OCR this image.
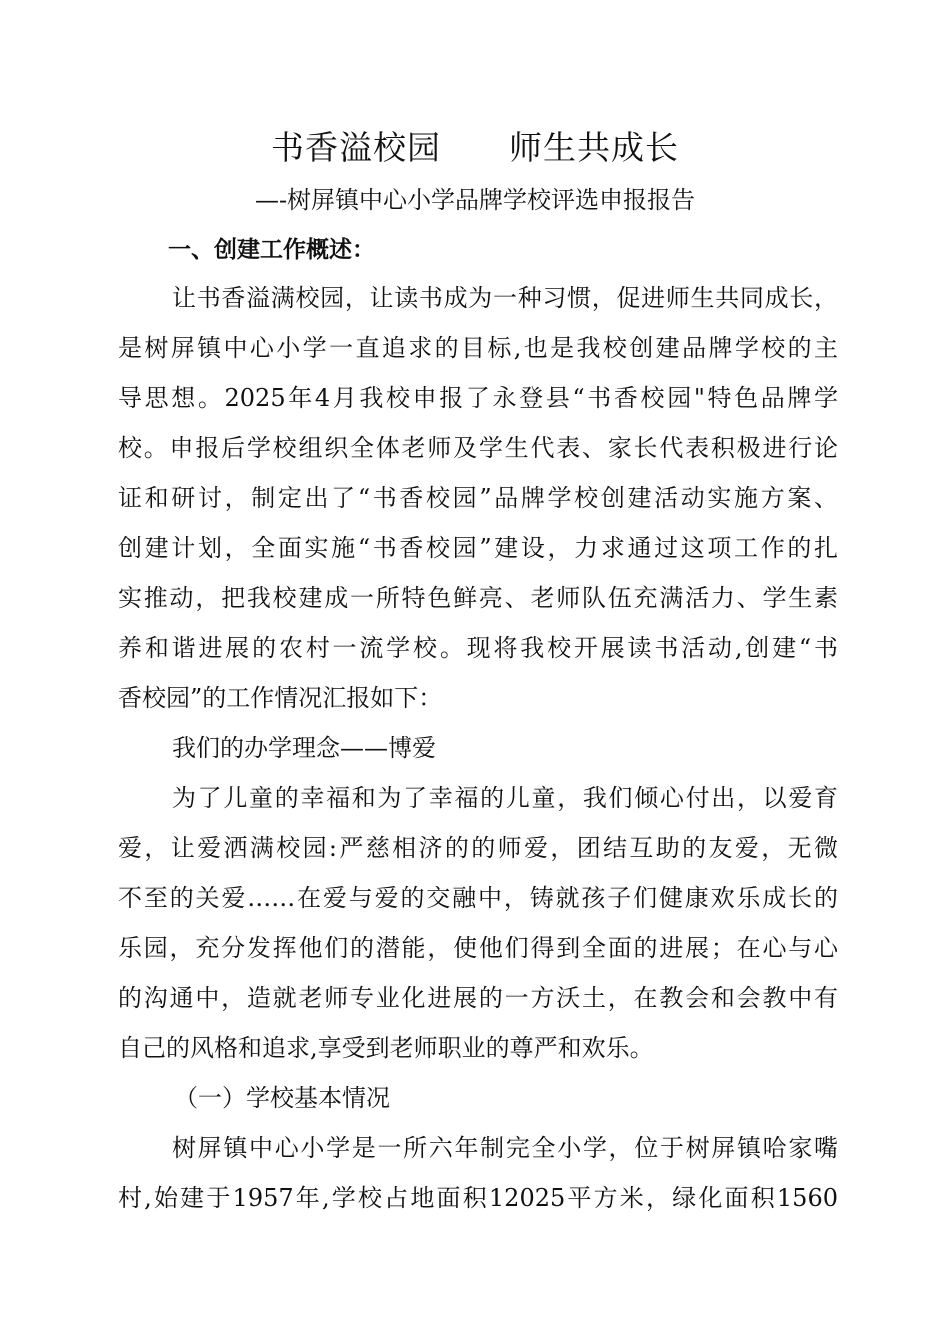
书香溢校园　　师生共成长
—-树屏镇中心小学品牌学校评选申报报告
一、创建工作概述：
让书香溢满校园，让读书成为一种习惯，促进师生共同成长，
是树屏镇中心小学一直追求的目标,也是我校创建品牌学校的主
导思想。2025年4月我校申报了永登县“书香校园"特色品牌学
校。申报后学校组织全体老师及学生代表、家长代表积极进行论
证和研讨，制定出了“书香校园”品牌学校创建活动实施方案、
创建计划，全面实施“书香校园”建设，力求通过这项工作的扎
实推动，把我校建成一所特色鲜亮、老师队伍充满活力、学生素
养和谐进展的农村一流学校。现将我校开展读书活动,创建“书
香校园”的工作情况汇报如下：
我们的办学理念——博爱
为了儿童的幸福和为了幸福的儿童，我们倾心付出，以爱育
爱，让爱洒满校园:严慈相济的的师爱，团结互助的友爱，无微
不至的关爱……在爱与爱的交融中，铸就孩子们健康欢乐成长的
乐园，充分发挥他们的潜能，使他们得到全面的进展；在心与心
的沟通中，造就老师专业化进展的一方沃土，在教会和会教中有
自己的风格和追求,享受到老师职业的尊严和欢乐。
（一）学校基本情况
树屏镇中心小学是一所六年制完全小学，位于树屏镇哈家嘴
村,始建于1957年,学校占地面积12025平方米，绿化面积1560
